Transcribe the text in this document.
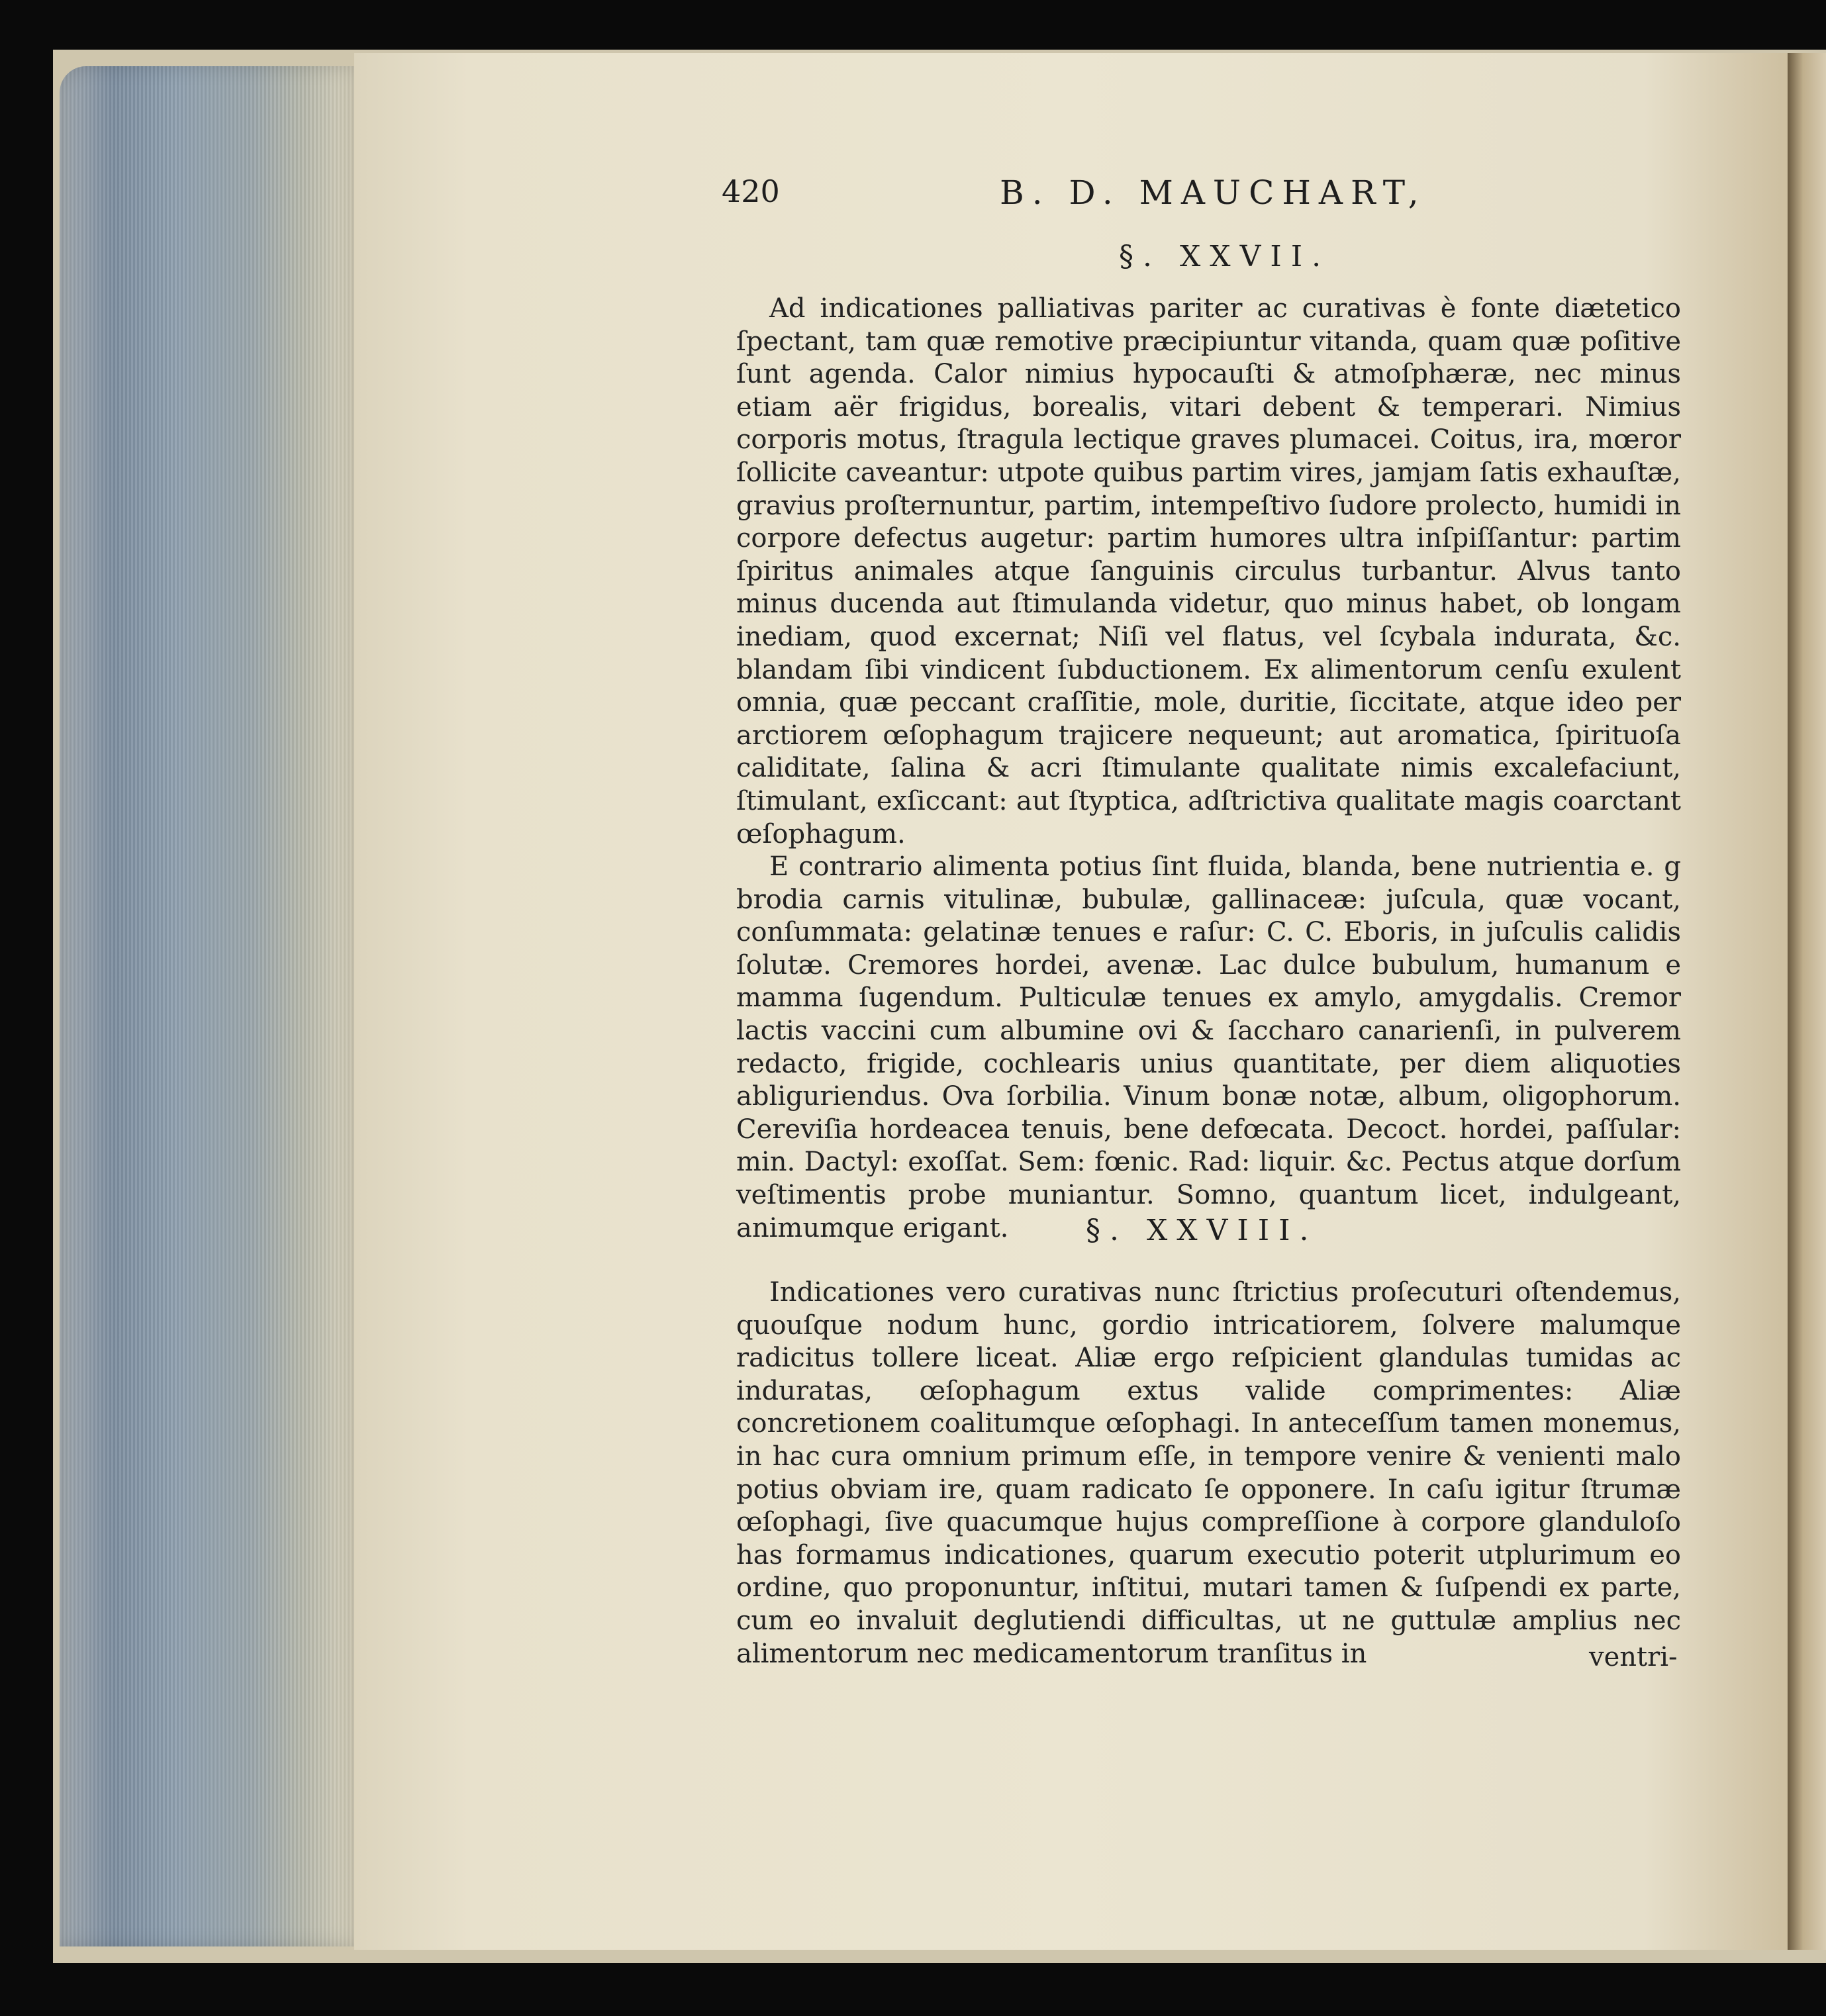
420	B. D. MAUCHART,
§. XXVII.

Ad indicationes palliativas pariter ac curativas è fonte diætetico ſpectant, tam quæ remotive præcipiuntur vitanda, quam quæ poſitive ſunt agenda. Calor nimius hypocauſti & atmoſphæræ, nec minus etiam aër frigidus, borealis, vitari debent & temperari. Nimius corporis motus, ſtragula lectique graves plumacei. Coitus, ira, mœror ſollicite caveantur: utpote quibus partim vires, jamjam ſatis exhauſtæ, gravius proſternuntur, partim, intempeſtivo ſudore prolecto, humidi in corpore defectus augetur: partim humores ultra inſpiſſantur: partim ſpiritus animales atque ſanguinis circulus turbantur. Alvus tanto minus ducenda aut ſtimulanda videtur, quo minus habet, ob longam inediam, quod excernat; Niſi vel flatus, vel ſcybala indurata, &c. blandam ſibi vindicent ſubductionem. Ex alimentorum cenſu exulent omnia, quæ peccant craſſitie, mole, duritie, ſiccitate, atque ideo per arctiorem œſophagum trajicere nequeunt; aut aromatica, ſpirituoſa caliditate, ſalina & acri ſtimulante qualitate nimis excalefaciunt, ſtimulant, exſiccant: aut ſtyptica, adſtrictiva qualitate magis coarctant œſophagum.

E contrario alimenta potius ſint fluida, blanda, bene nutrientia e. g brodia carnis vitulinæ, bubulæ, gallinaceæ: juſcula, quæ vocant, conſummata: gelatinæ tenues e raſur: C. C. Eboris, in juſculis calidis ſolutæ. Cremores hordei, avenæ. Lac dulce bubulum, humanum e mamma ſugendum. Pulticulæ tenues ex amylo, amygdalis. Cremor lactis vaccini cum albumine ovi & ſaccharo canarienſi, in pulverem redacto, frigide, cochlearis unius quantitate, per diem aliquoties abliguriendus. Ova ſorbilia. Vinum bonæ notæ, album, oligophorum. Cereviſia hordeacea tenuis, bene defœcata. Decoct. hordei, paſſular: min. Dactyl: exoſſat. Sem: fœnic. Rad: liquir. &c. Pectus atque dorſum veſtimentis probe muniantur. Somno, quantum licet, indulgeant, animumque erigant.	§. XXVIII.

Indicationes vero curativas nunc ſtrictius proſecuturi oſtendemus, quouſque nodum hunc, gordio intricatiorem, ſolvere malumque radicitus tollere liceat. Aliæ ergo reſpicient glandulas tumidas ac induratas, œſophagum extus valide comprimentes: Aliæ concretionem coalitumque œſophagi. In anteceſſum tamen monemus, in hac cura omnium primum eſſe, in tempore venire & venienti malo potius obviam ire, quam radicato ſe opponere. In caſu igitur ſtrumæ œſophagi, ſive quacumque hujus compreſſione à corpore glanduloſo has formamus indicationes, quarum executio poterit utplurimum eo ordine, quo proponuntur, inſtitui, mutari tamen & ſuſpendi ex parte, cum eo invaluit deglutiendi difficultas, ut ne guttulæ amplius nec alimentorum nec medicamentorum tranſitus in	ventri-
